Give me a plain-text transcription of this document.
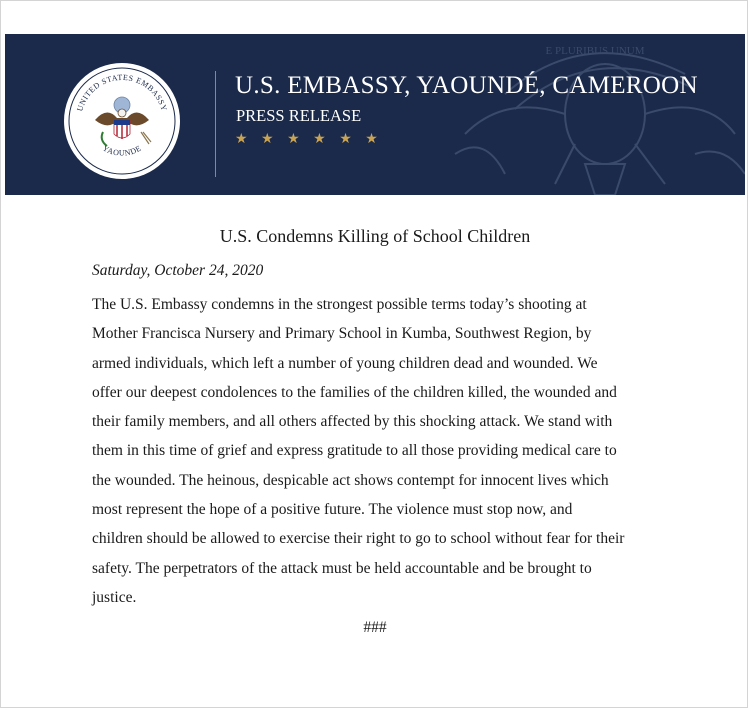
E PLURIBUS UNUM
UNITED STATES EMBASSY
YAOUNDE
U.S. EMBASSY, YAOUNDÉ, CAMEROON
PRESS RELEASE
★ ★ ★ ★ ★ ★
U.S. Condemns Killing of School Children
Saturday, October 24, 2020
The U.S. Embassy condemns in the strongest possible terms today’s shooting at
Mother Francisca Nursery and Primary School in Kumba, Southwest Region, by
armed individuals, which left a number of young children dead and wounded. We
offer our deepest condolences to the families of the children killed, the wounded and
their family members, and all others affected by this shocking attack. We stand with
them in this time of grief and express gratitude to all those providing medical care to
the wounded. The heinous, despicable act shows contempt for innocent lives which
most represent the hope of a positive future. The violence must stop now, and
children should be allowed to exercise their right to go to school without fear for their
safety. The perpetrators of the attack must be held accountable and be brought to
justice.
###
